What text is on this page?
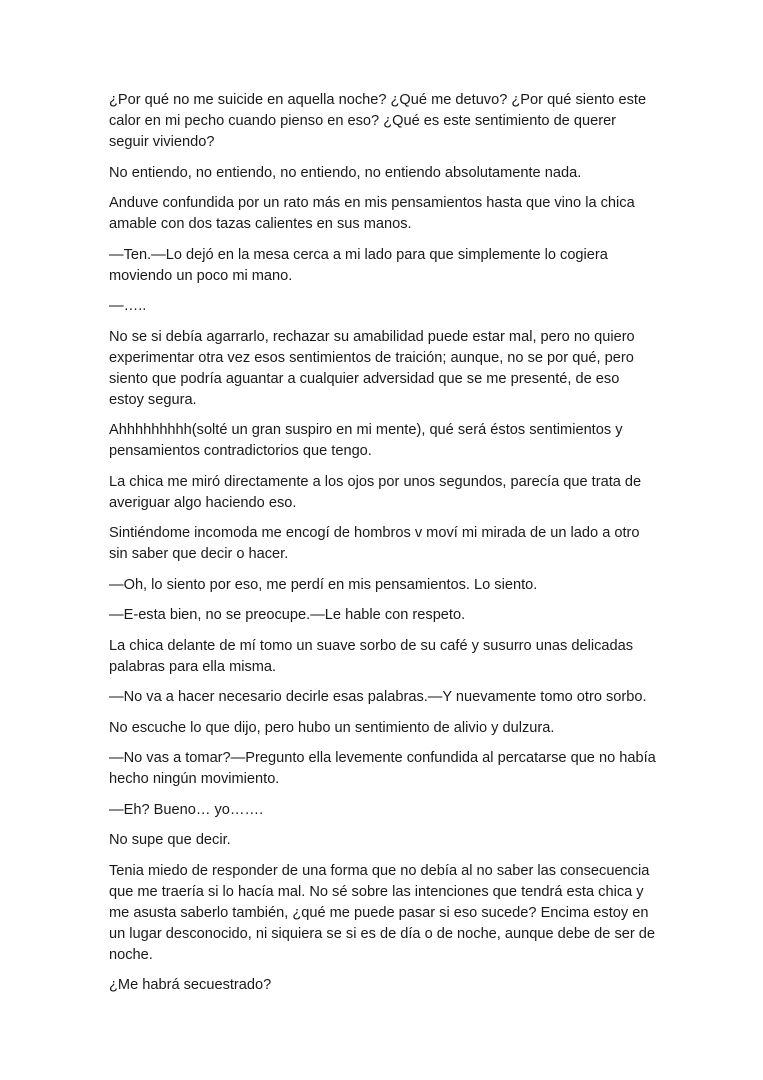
¿Por qué no me suicide en aquella noche? ¿Qué me detuvo? ¿Por qué siento este calor en mi pecho cuando pienso en eso? ¿Qué es este sentimiento de querer seguir viviendo?

No entiendo, no entiendo, no entiendo, no entiendo absolutamente nada.

Anduve confundida por un rato más en mis pensamientos hasta que vino la chica amable con dos tazas calientes en sus manos.

—Ten.—Lo dejó en la mesa cerca a mi lado para que simplemente lo cogiera moviendo un poco mi mano.

—…..

No se si debía agarrarlo, rechazar su amabilidad puede estar mal, pero no quiero experimentar otra vez esos sentimientos de traición; aunque, no se por qué, pero siento que podría aguantar a cualquier adversidad que se me presenté, de eso estoy segura.

Ahhhhhhhhh(solté un gran suspiro en mi mente), qué será éstos sentimientos y pensamientos contradictorios que tengo.

La chica me miró directamente a los ojos por unos segundos, parecía que trata de averiguar algo haciendo eso.

Sintiéndome incomoda me encogí de hombros v moví mi mirada de un lado a otro sin saber que decir o hacer.

—Oh, lo siento por eso, me perdí en mis pensamientos. Lo siento.

—E-esta bien, no se preocupe.—Le hable con respeto.

La chica delante de mí tomo un suave sorbo de su café y susurro unas delicadas palabras para ella misma.

—No va a hacer necesario decirle esas palabras.—Y nuevamente tomo otro sorbo.

No escuche lo que dijo, pero hubo un sentimiento de alivio y dulzura.

—No vas a tomar?—Pregunto ella levemente confundida al percatarse que no había hecho ningún movimiento.

—Eh? Bueno… yo…….

No supe que decir.

Tenia miedo de responder de una forma que no debía al no saber las consecuencia que me traería si lo hacía mal. No sé sobre las intenciones que tendrá esta chica y me asusta saberlo también, ¿qué me puede pasar si eso sucede? Encima estoy en un lugar desconocido, ni siquiera se si es de día o de noche, aunque debe de ser de noche.

¿Me habrá secuestrado?
